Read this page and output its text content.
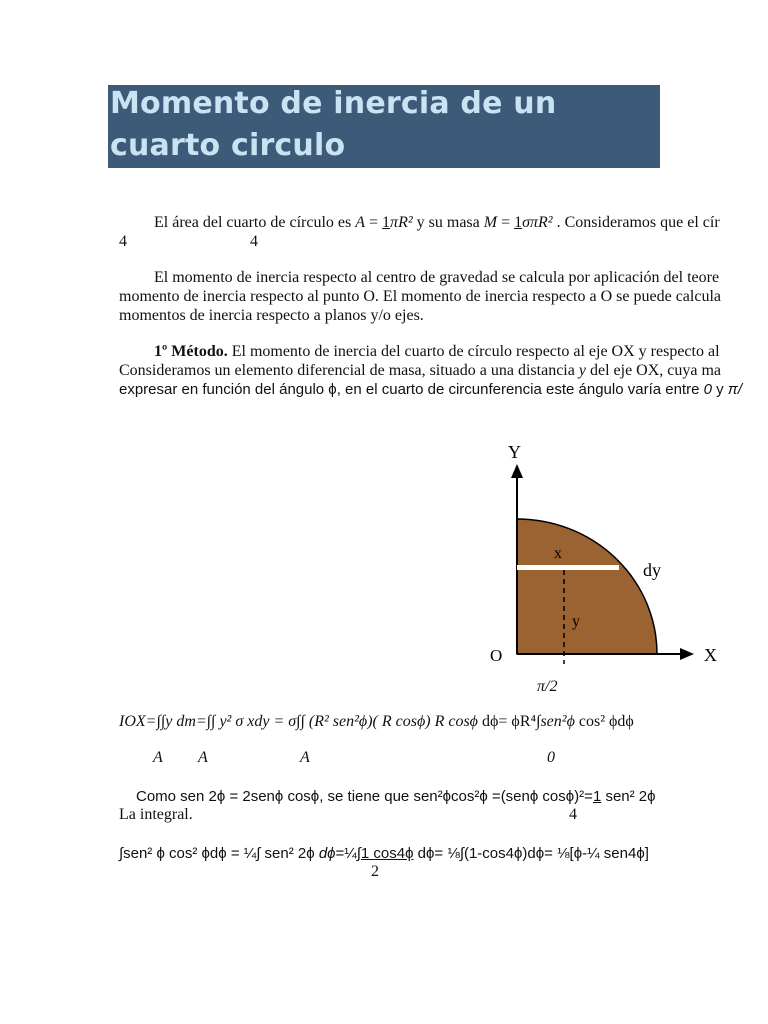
Momento de inercia de un
cuarto circulo
El área del cuarto de círculo es A = 1πR² y su masa M = 1σπR² . Consideramos que el cír
4	4
El momento de inercia respecto al centro de gravedad se calcula por aplicación del teore
momento de inercia respecto al punto O. El momento de inercia respecto a O se puede calcula
momentos de inercia respecto a planos y/o ejes.
1º Método. El momento de inercia del cuarto de círculo respecto al eje OX y respecto al
Consideramos un elemento diferencial de masa, situado a una distancia y del eje OX, cuya ma
expresar en función del ángulo ϕ, en el cuarto de circunferencia este ángulo varía entre 0 y π/
Y
X
O
x
y
dy
π/2
IOX=∫∫y dm=∫∫ y² σ xdy = σ∫∫ (R² sen²ϕ)( R cosϕ) R cosϕ dϕ= ϕR⁴∫sen²ϕ cos² ϕdϕ
A A	A	0
Como sen 2ϕ = 2senϕ cosϕ, se tiene que sen²ϕcos²ϕ =(senϕ cosϕ)²=1 sen² 2ϕ
La integral.	4
∫sen² ϕ cos² ϕdϕ = ¼∫ sen² 2ϕ dϕ=¼∫1 cos4ϕ dϕ= ⅛∫(1-cos4ϕ)dϕ= ⅛[ϕ-¼ sen4ϕ]
2
